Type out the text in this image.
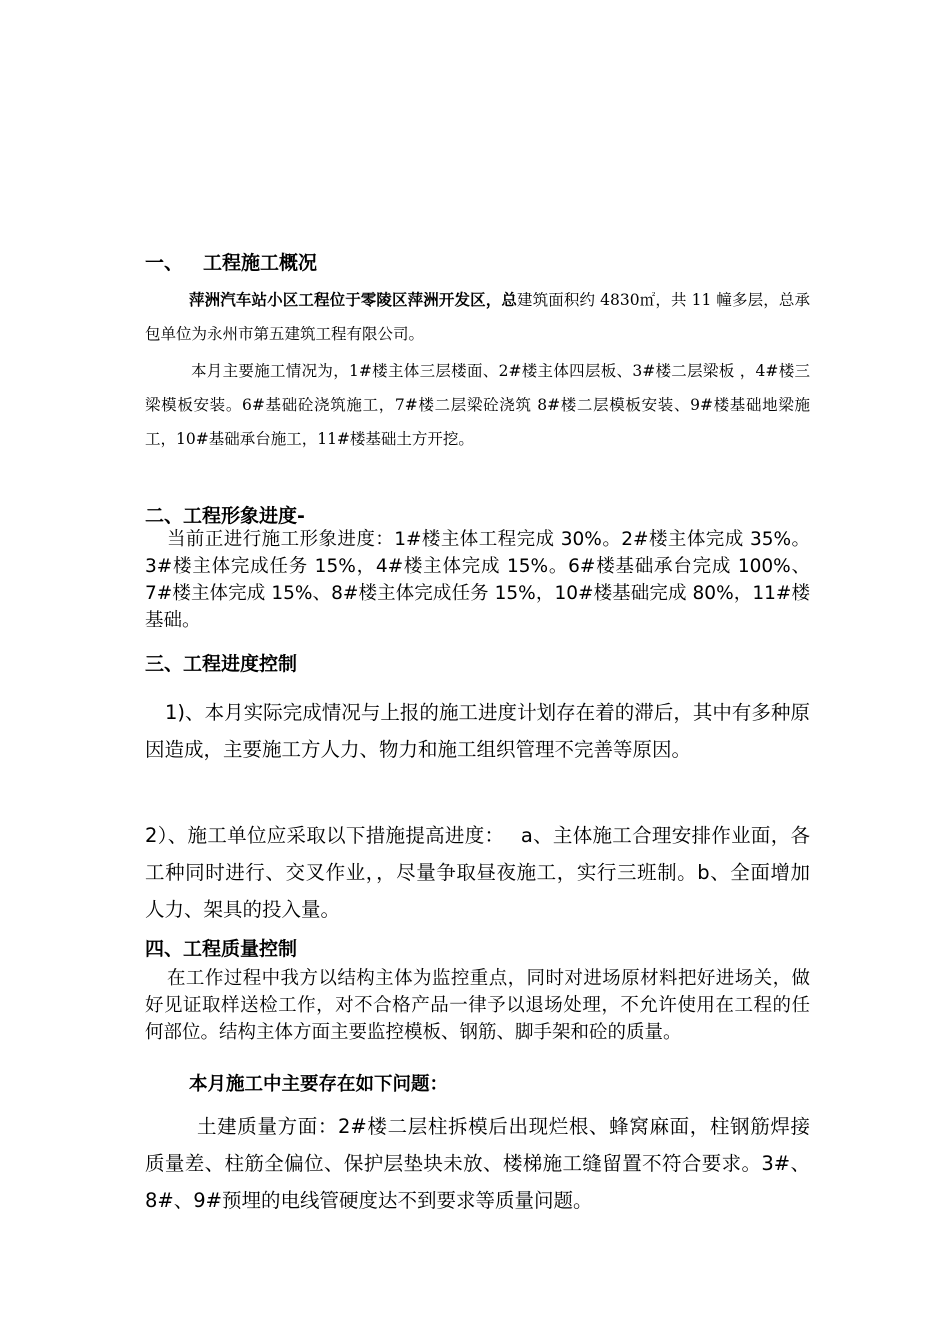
一、 工程施工概况

萍洲汽车站小区工程位于零陵区萍洲开发区，总建筑面积约 4830㎡，共 11 幢多层，总承包单位为永州市第五建筑工程有限公司。

本月主要施工情况为，1#楼主体三层楼面、2#楼主体四层板、3#楼二层梁板 ，4#楼三梁模板安装。6#基础砼浇筑施工，7#楼二层梁砼浇筑 8#楼二层模板安装、9#楼基础地梁施工，10#基础承台施工，11#楼基础土方开挖。

二、工程形象进度-

当前正进行施工形象进度：1#楼主体工程完成 30%。2#楼主体完成 35%。3#楼主体完成任务 15%，4#楼主体完成 15%。6#楼基础承台完成 100%、7#楼主体完成 15%、8#楼主体完成任务 15%，10#楼基础完成 80%，11#楼基础。

三、工程进度控制

1)、本月实际完成情况与上报的施工进度计划存在着的滞后，其中有多种原因造成，主要施工方人力、物力和施工组织管理不完善等原因。

2）、施工单位应采取以下措施提高进度：　 a、主体施工合理安排作业面，各工种同时进行、交叉作业，，尽量争取昼夜施工，实行三班制。b、全面增加人力、架具的投入量。

四、工程质量控制

在工作过程中我方以结构主体为监控重点，同时对进场原材料把好进场关，做好见证取样送检工作，对不合格产品一律予以退场处理，不允许使用在工程的任何部位。结构主体方面主要监控模板、钢筋、脚手架和砼的质量。

本月施工中主要存在如下问题：

土建质量方面：2#楼二层柱拆模后出现烂根、蜂窝麻面，柱钢筋焊接质量差、柱筋全偏位、保护层垫块未放、楼梯施工缝留置不符合要求。3#、8#、9#预埋的电线管硬度达不到要求等质量问题。
